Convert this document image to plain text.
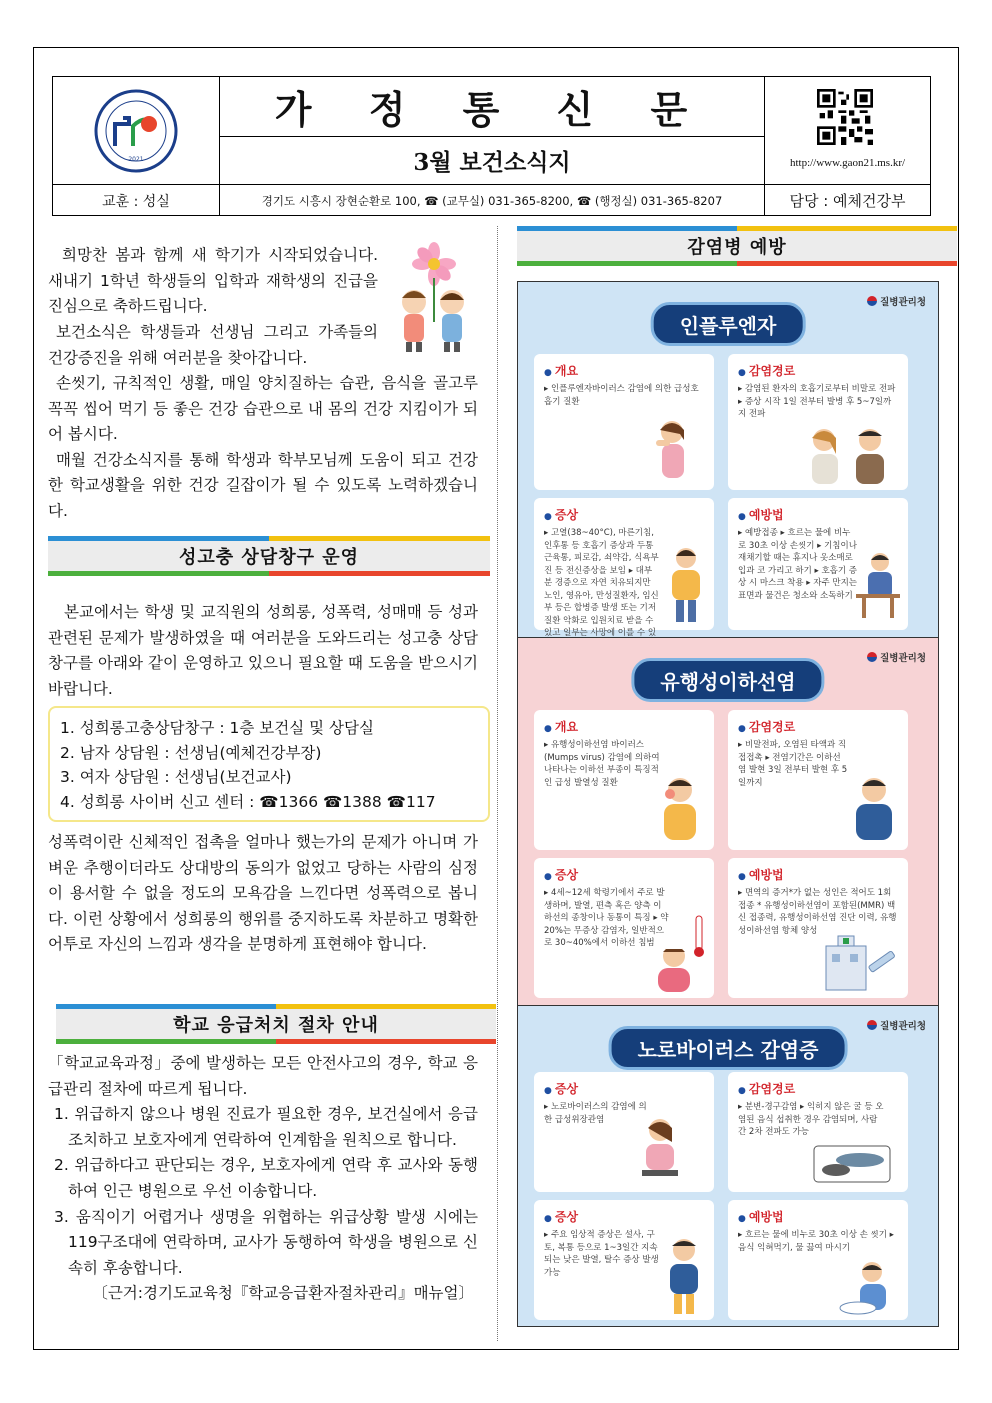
2021
가 정 통 신 문
3월 보건소식지	http://www.gaon21.ms.kr/
교훈 : 성실	경기도 시흥시 장현순환로 100, ☎ (교무실) 031-365-8200, ☎ (행정실) 031-365-8207	담당 : 예체건강부

희망찬 봄과 함께 새 학기가 시작되었습니다. 새내기 1학년 학생들의 입학과 재학생의 진급을 진심으로 축하드립니다.

보건소식은 학생들과 선생님 그리고 가족들의 건강증진을 위해 여러분을 찾아갑니다.

손씻기, 규칙적인 생활, 매일 양치질하는 습관, 음식을 골고루 꼭꼭 씹어 먹기 등 좋은 건강 습관으로 내 몸의 건강 지킴이가 되어 봅시다.

매월 건강소식지를 통해 학생과 학부모님께 도움이 되고 건강한 학교생활을 위한 건강 길잡이가 될 수 있도록 노력하겠습니다.

성고충 상담창구 운영

본교에서는 학생 및 교직원의 성희롱, 성폭력, 성매매 등 성과 관련된 문제가 발생하였을 때 여러분을 도와드리는 성고충 상담창구를 아래와 같이 운영하고 있으니 필요할 때 도움을 받으시기 바랍니다.

1. 성희롱고충상담창구 : 1층 보건실 및 상담실
2. 남자 상담원 : 선생님(예체건강부장)
3. 여자 상담원 : 선생님(보건교사)
4. 성희롱 사이버 신고 센터 : ☎1366 ☎1388 ☎117

성폭력이란 신체적인 접촉을 얼마나 했는가의 문제가 아니며 가벼운 추행이더라도 상대방의 동의가 없었고 당하는 사람의 심정이 용서할 수 없을 정도의 모욕감을 느낀다면 성폭력으로 봅니다. 이런 상황에서 성희롱의 행위를 중지하도록 차분하고 명확한 어투로 자신의 느낌과 생각을 분명하게 표현해야 합니다.

학교 응급처치 절차 안내

「학교교육과정」중에 발생하는 모든 안전사고의 경우, 학교 응급관리 절차에 따르게 됩니다.

1. 위급하지 않으나 병원 진료가 필요한 경우, 보건실에서 응급조치하고 보호자에게 연락하여 인계함을 원칙으로 합니다.

2. 위급하다고 판단되는 경우, 보호자에게 연락 후 교사와 동행하여 인근 병원으로 우선 이송합니다.

3. 움직이기 어렵거나 생명을 위협하는 위급상황 발생 시에는 119구조대에 연락하며, 교사가 동행하여 학생을 병원으로 신속히 후송합니다.

〔근거:경기도교육청『학교응급환자절차관리』매뉴얼〕

감염병 예방
질병관리청
인플루엔자
● 개요
▸ 인플루엔자바이러스 감염에 의한 급성호흡기 질환
● 감염경로
▸ 감염된 환자의 호흡기로부터 비말로 전파 ▸ 증상 시작 1일 전부터 발병 후 5~7일까지 전파
● 증상
▸ 고열(38~40°C), 마른기침, 인후통 등 호흡기 증상과 두통 근육통, 피로감, 쇠약감, 식욕부진 등 전신증상을 보임 ▸ 대부분 경증으로 자연 치유되지만 노인, 영유아, 만성질환자, 임신부 등은 합병증 발생 또는 기저질환 악화로 입원치료 받을 수 있고 일부는 사망에 이를 수 있
● 예방법
▸ 예방접종 ▸ 흐르는 물에 비누로 30초 이상 손씻기 ▸ 기침이나 재채기할 때는 휴지나 옷소매로 입과 코 가리고 하기 ▸ 호흡기 증상 시 마스크 착용 ▸ 자주 만지는 표면과 물건은 청소와 소독하기
질병관리청
유행성이하선염
● 개요
▸ 유행성이하선염 바이러스 (Mumps virus) 감염에 의하여 나타나는 이하선 부종이 특징적인 급성 발열성 질환
● 감염경로
▸ 비말전파, 오염된 타액과 직접접촉 ▸ 전염기간은 이하선염 발현 3일 전부터 발현 후 5일까지
● 증상
▸ 4세~12세 학령기에서 주로 발생하며, 발열, 편측 혹은 양측 이하선의 종창이나 동통이 특징 ▸ 약 20%는 무증상 감염자, 일반적으로 30~40%에서 이하선 침범
● 예방법
▸ 면역의 증거*가 없는 성인은 적어도 1회 접종 * 유행성이하선염이 포함된(MMR) 백신 접종력, 유행성이하선염 진단 이력, 유행성이하선염 항체 양성
질병관리청
노로바이러스 감염증
● 증상
▸ 노로바이러스의 감염에 의한 급성위장관염
● 감염경로
▸ 분변-경구감염 ▸ 익히지 않은 굴 등 오염된 음식 섭취한 경우 감염되며, 사람 간 2차 전파도 가능
● 증상
▸ 주요 임상적 증상은 설사, 구토, 복통 등으로 1~3일간 지속되는 낮은 발열, 탈수 증상 발생 가능
● 예방법
▸ 흐르는 물에 비누로 30초 이상 손 씻기 ▸ 음식 익혀먹기, 물 끓여 마시기
